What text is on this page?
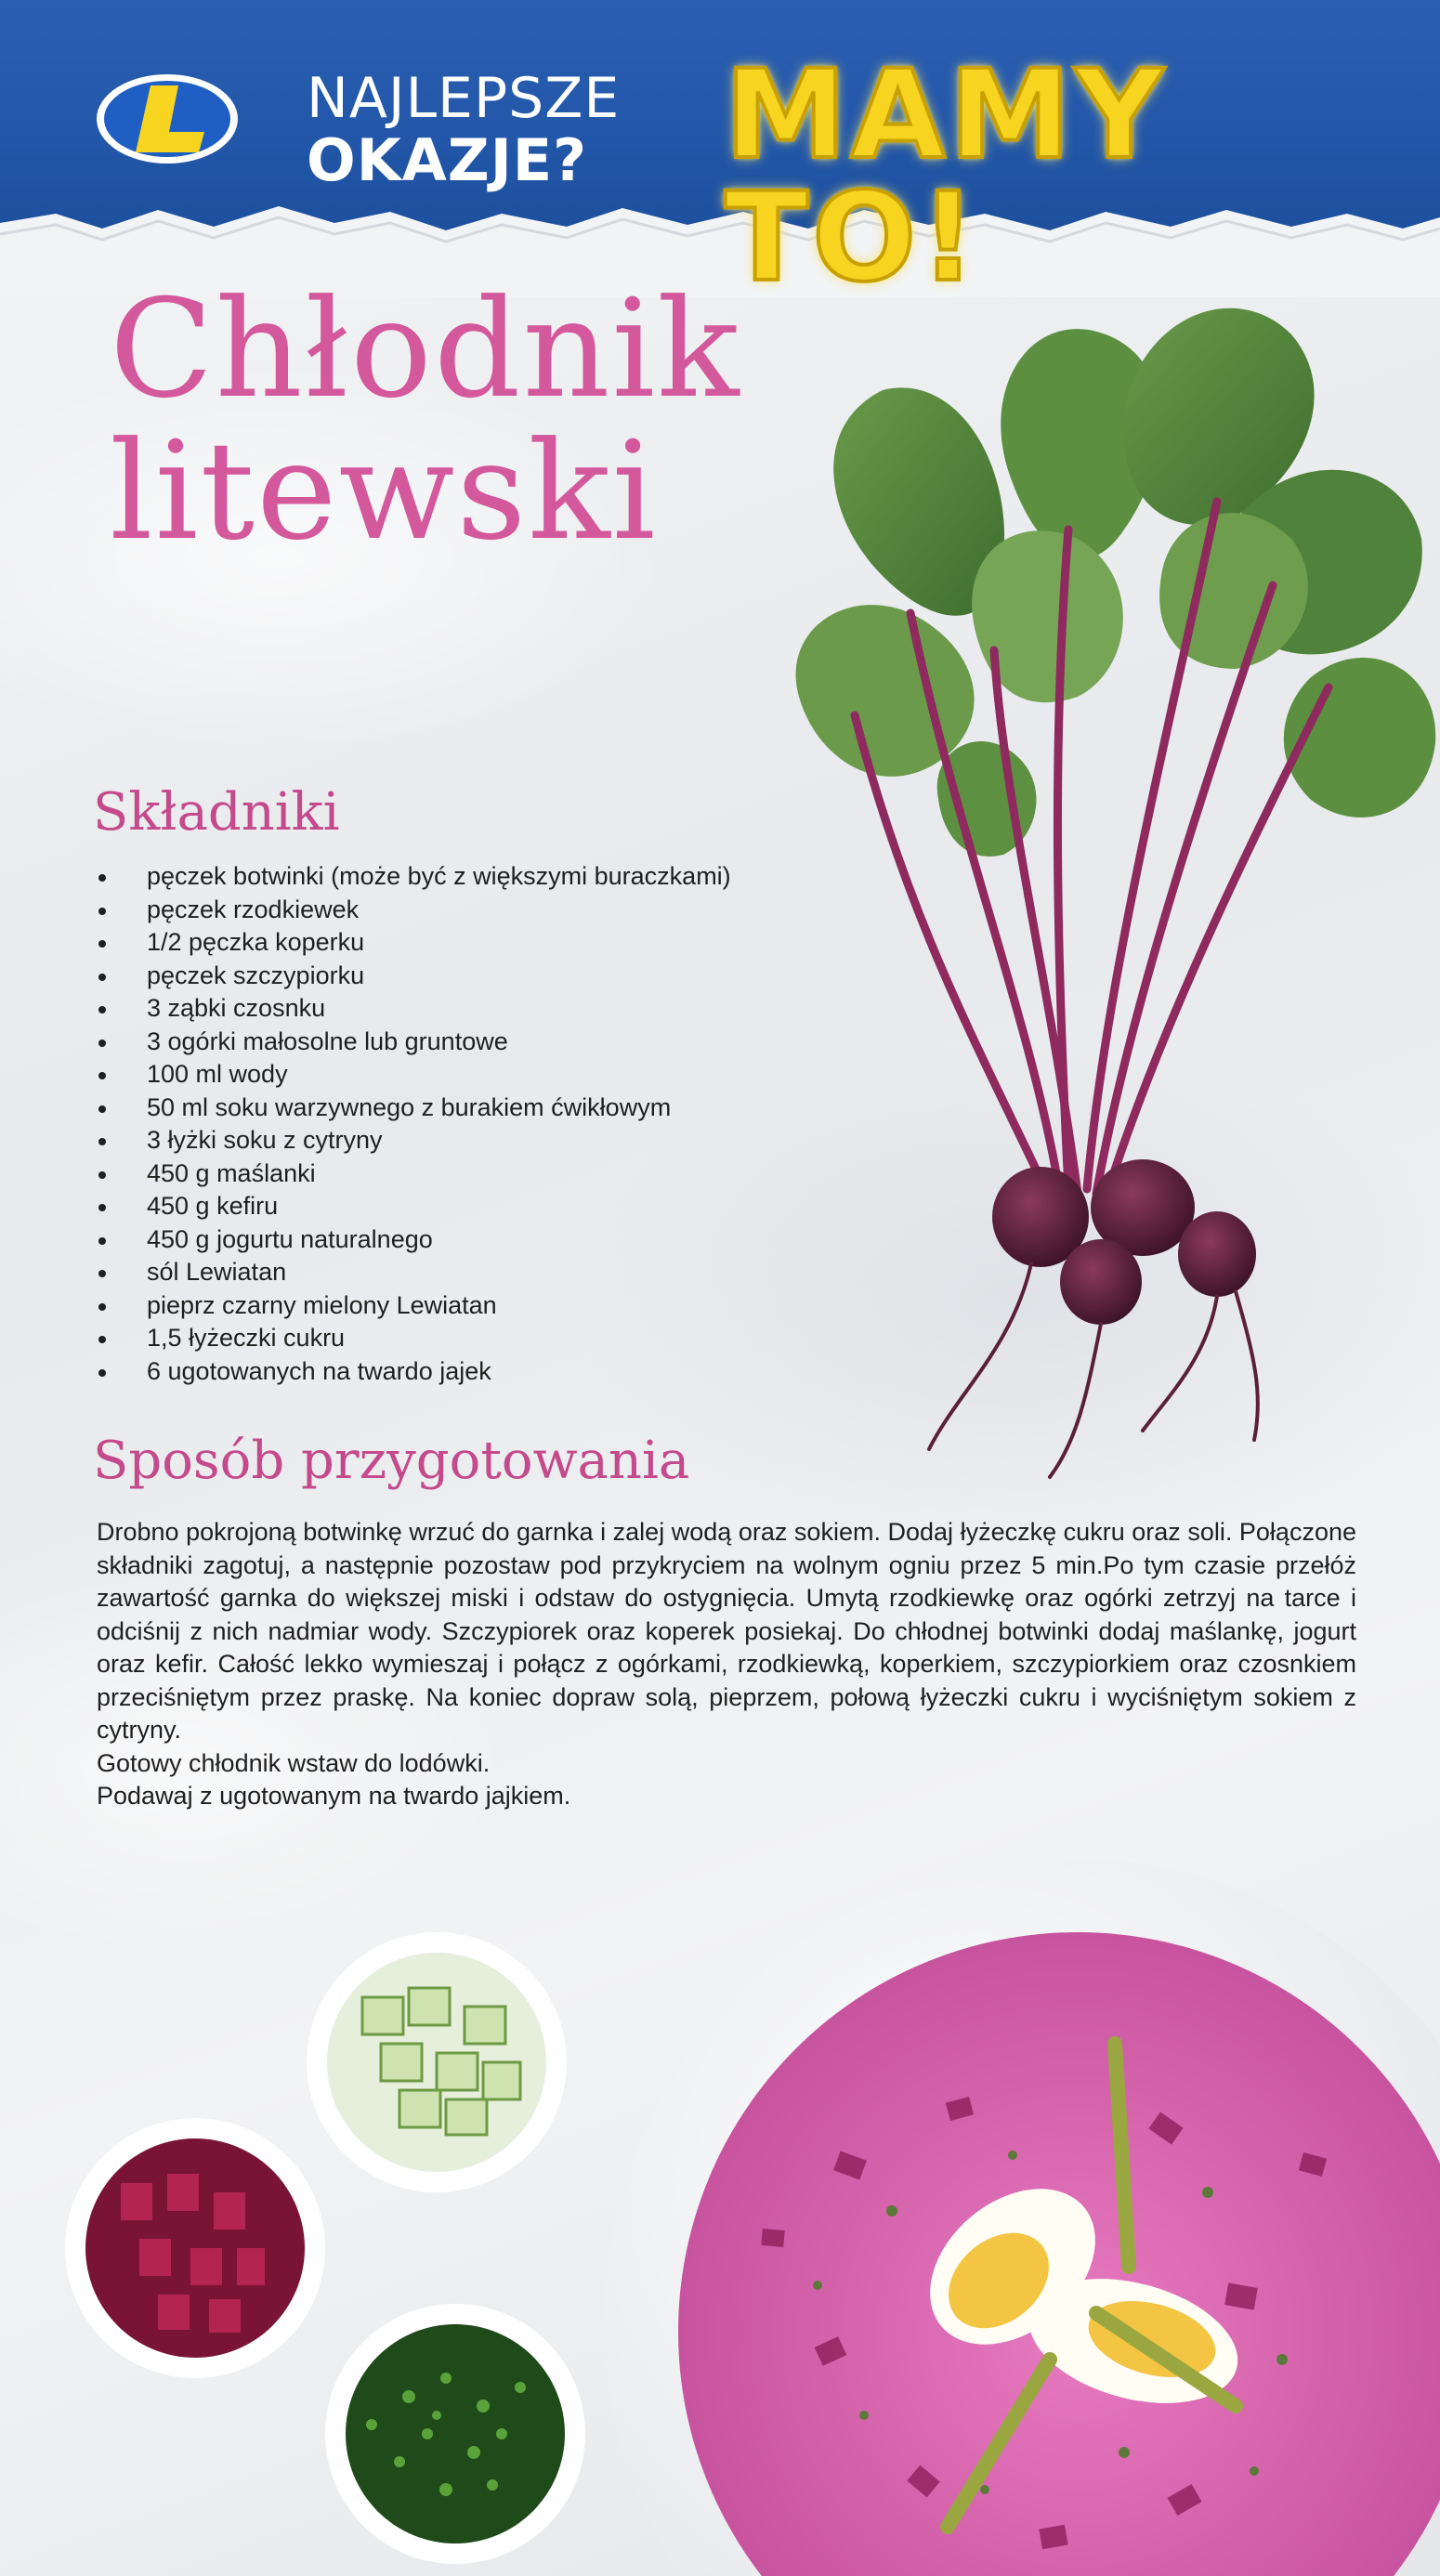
NAJLEPSZE
OKAZJE? MAMY TO!
Chłodnik
litewski
Składniki
pęczek botwinki (może być z większymi buraczkami)
pęczek rzodkiewek
1/2 pęczka koperku
pęczek szczypiorku
3 ząbki czosnku
3 ogórki małosolne lub gruntowe
100 ml wody
50 ml soku warzywnego z burakiem ćwikłowym
3 łyżki soku z cytryny
450 g maślanki
450 g kefiru
450 g jogurtu naturalnego
sól Lewiatan
pieprz czarny mielony Lewiatan
1,5 łyżeczki cukru
6 ugotowanych na twardo jajek
Sposób przygotowania

Drobno pokrojoną botwinkę wrzuć do garnka i zalej wodą oraz sokiem. Dodaj łyżeczkę cukru oraz soli. Połączone składniki zagotuj, a następnie pozostaw pod przykryciem na wolnym ogniu przez 5 min.Po tym czasie przełóż zawartość garnka do większej miski i odstaw do ostygnięcia. Umytą rzodkiewkę oraz ogórki zetrzyj na tarce i odciśnij z nich nadmiar wody. Szczypiorek oraz koperek posiekaj. Do chłodnej botwinki dodaj maślankę, jogurt oraz kefir. Całość lekko wymieszaj i połącz z ogórkami, rzodkiewką, koperkiem, szczypiorkiem oraz czosnkiem przeciśniętym przez praskę. Na koniec dopraw solą, pieprzem, połową łyżeczki cukru i wyciśniętym sokiem z cytryny.

Gotowy chłodnik wstaw do lodówki.

Podawaj z ugotowanym na twardo jajkiem.
